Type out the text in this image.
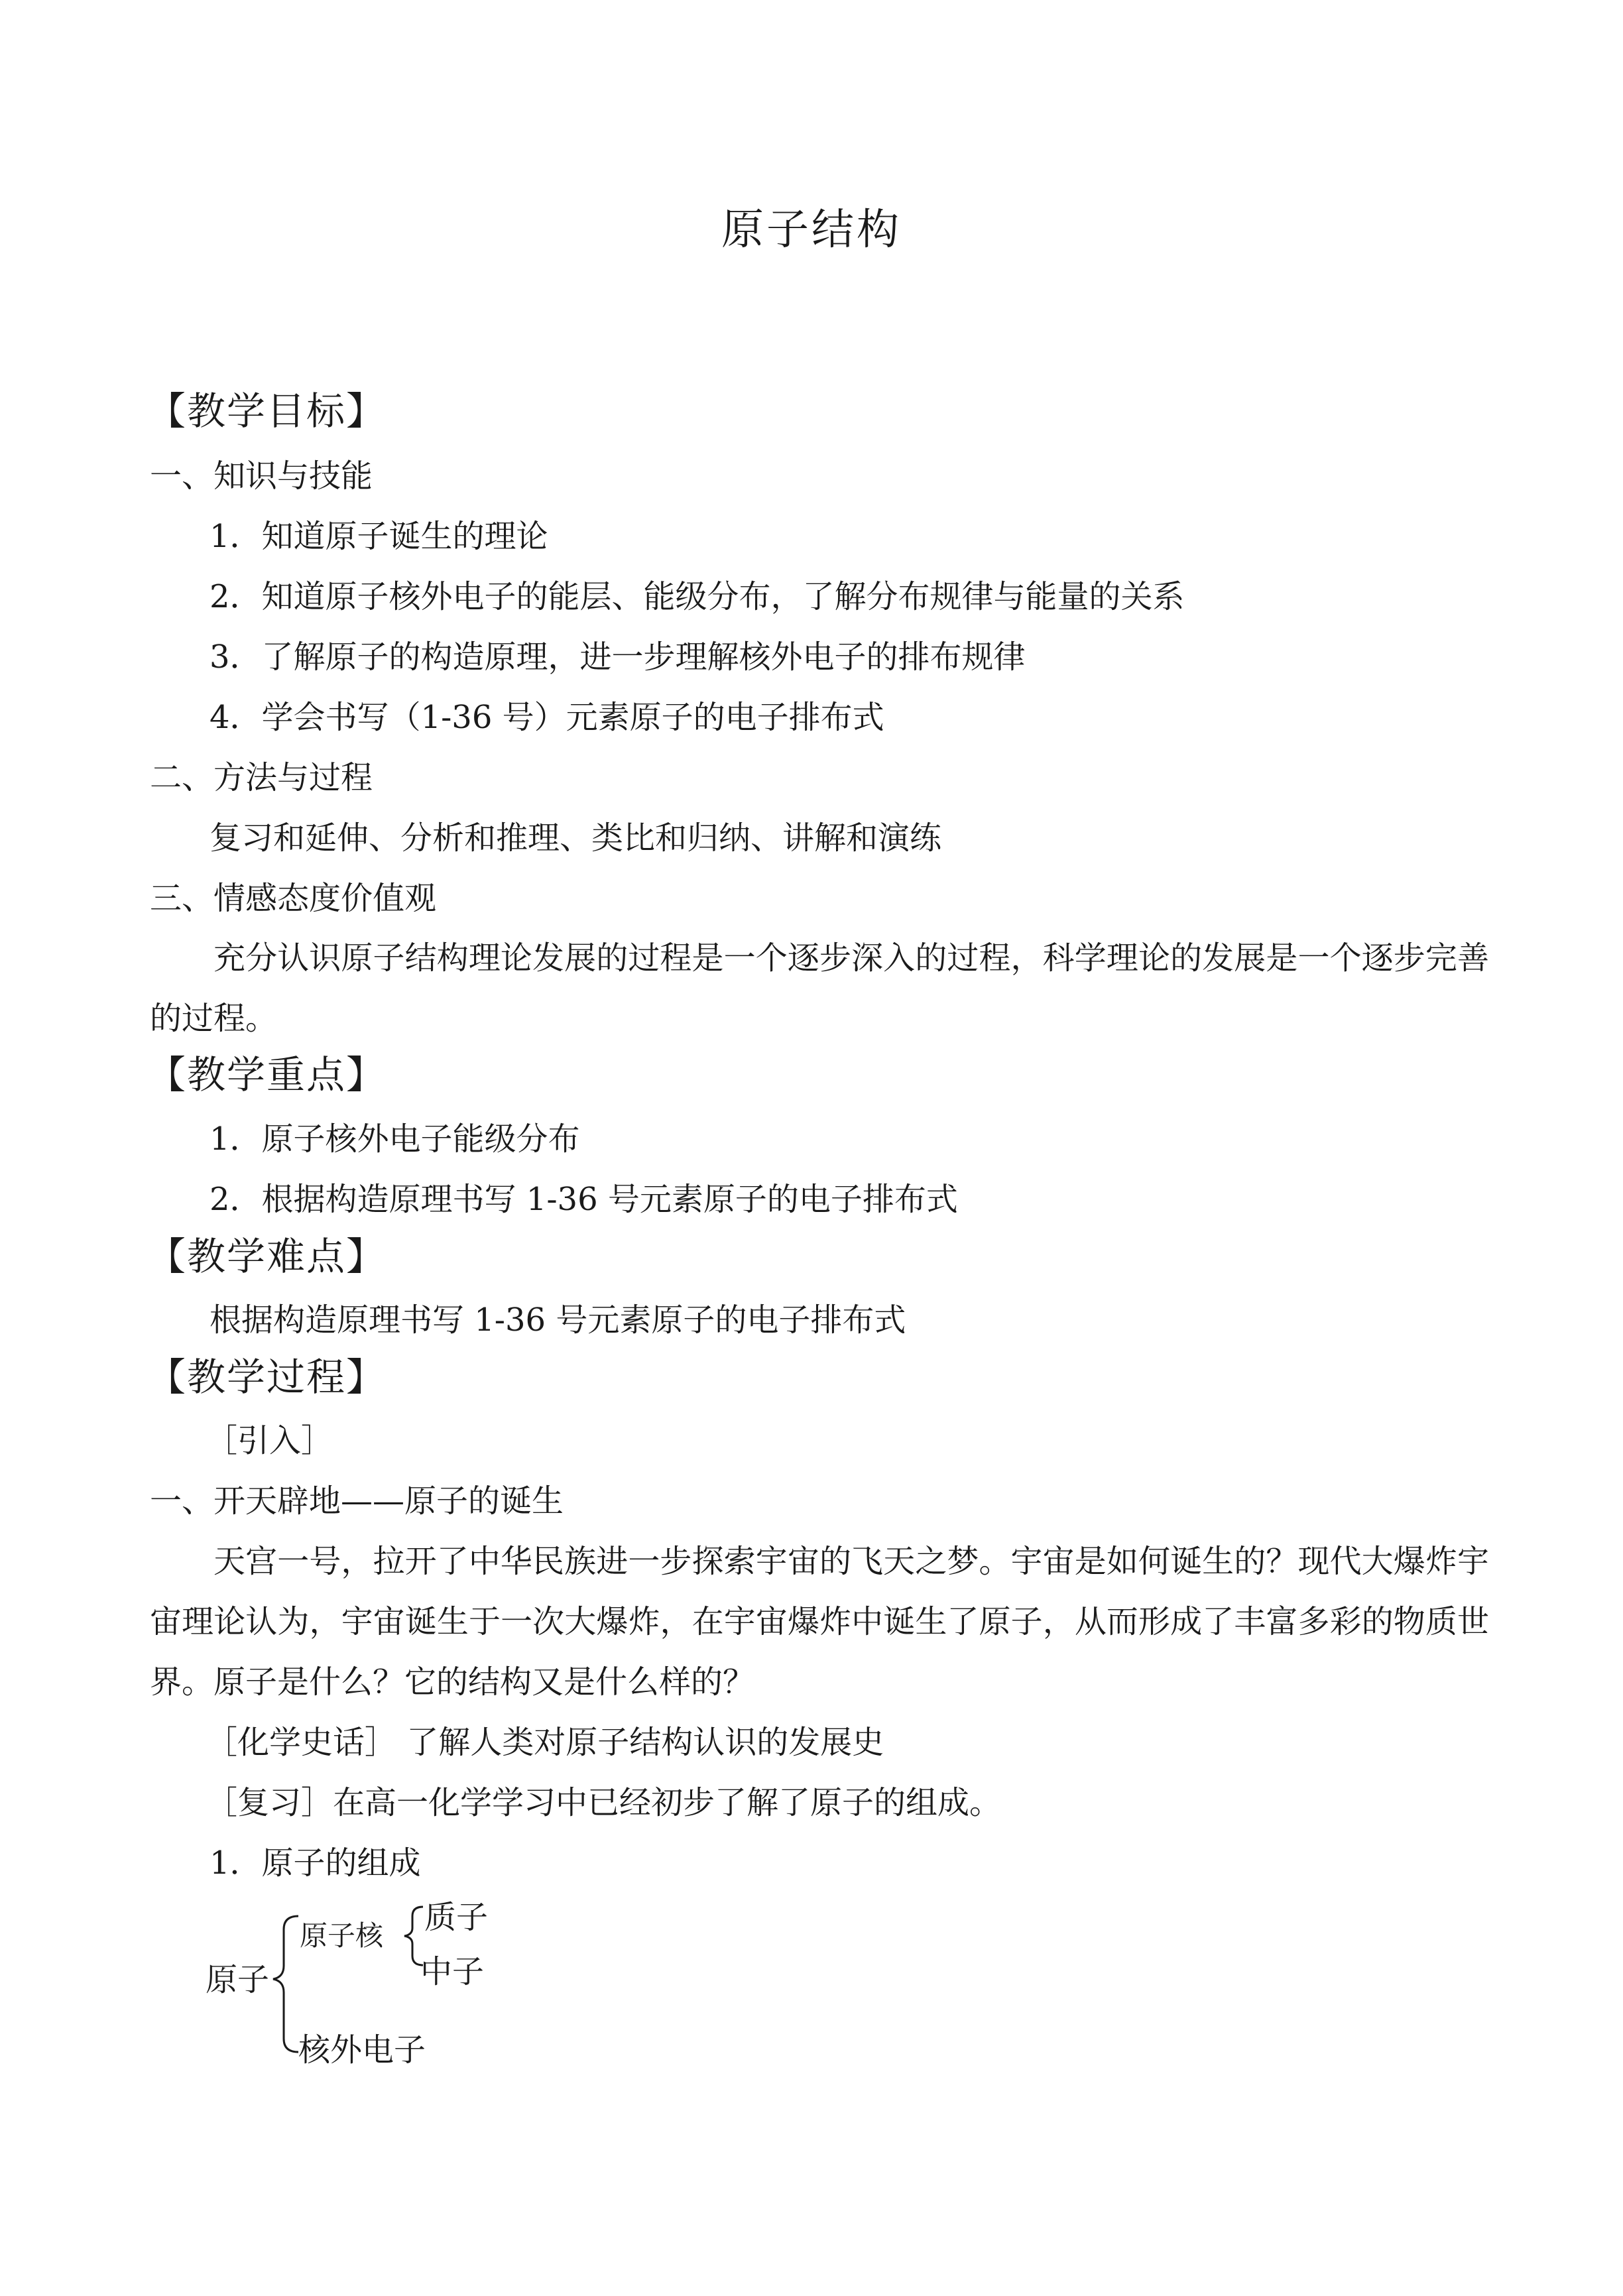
原子结构
【教学目标】
一、知识与技能
1．知道原子诞生的理论
2．知道原子核外电子的能层、能级分布，了解分布规律与能量的关系
3．了解原子的构造原理，进一步理解核外电子的排布规律
4．学会书写（1-36 号）元素原子的电子排布式
二、方法与过程
复习和延伸、分析和推理、类比和归纳、讲解和演练
三、情感态度价值观

充分认识原子结构理论发展的过程是一个逐步深入的过程，科学理论的发展是一个逐步完善的过程。

【教学重点】
1．原子核外电子能级分布
2．根据构造原理书写 1-36 号元素原子的电子排布式
【教学难点】
根据构造原理书写 1-36 号元素原子的电子排布式
【教学过程】
［引入］
一、开天辟地——原子的诞生

天宫一号，拉开了中华民族进一步探索宇宙的飞天之梦。宇宙是如何诞生的？现代大爆炸宇宙理论认为，宇宙诞生于一次大爆炸，在宇宙爆炸中诞生了原子，从而形成了丰富多彩的物质世界。原子是什么？它的结构又是什么样的？

［化学史话］ 了解人类对原子结构认识的发展史
［复习］在高一化学学习中已经初步了解了原子的组成。
1．原子的组成
原子
原子核 质子
中子
核外电子
